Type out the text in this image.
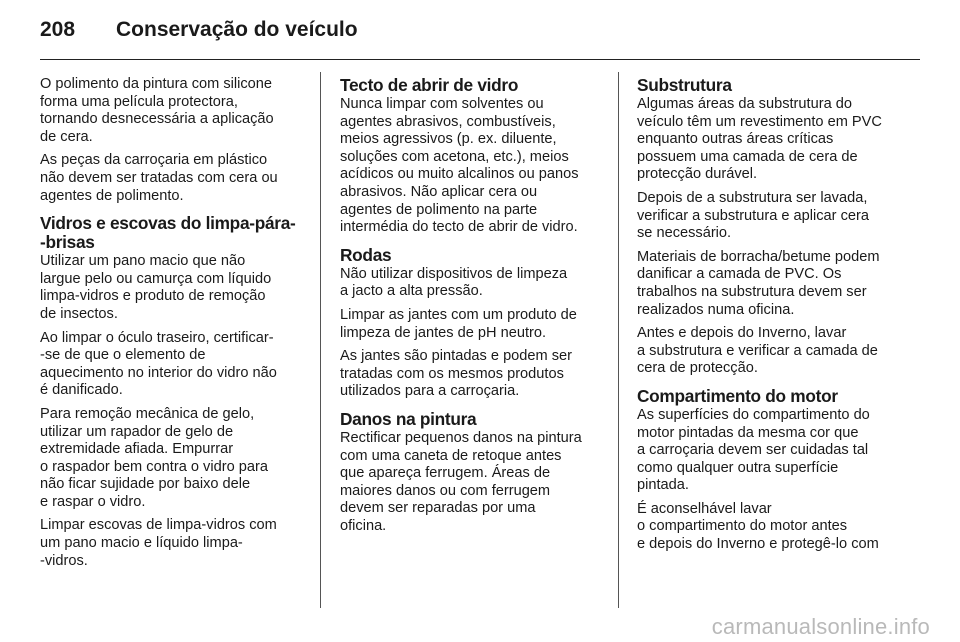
208	Conservação do veículo

O polimento da pintura com silicone
forma uma película protectora,
tornando desnecessária a aplicação
de cera.

As peças da carroçaria em plástico
não devem ser tratadas com cera ou
agentes de polimento.

Vidros e escovas do limpa-pára-
-brisas

Utilizar um pano macio que não
largue pelo ou camurça com líquido
limpa-vidros e produto de remoção
de insectos.

Ao limpar o óculo traseiro, certificar-
-se de que o elemento de
aquecimento no interior do vidro não
é danificado.

Para remoção mecânica de gelo,
utilizar um rapador de gelo de
extremidade afiada. Empurrar
o raspador bem contra o vidro para
não ficar sujidade por baixo dele
e raspar o vidro.

Limpar escovas de limpa-vidros com
um pano macio e líquido limpa-
-vidros.

Tecto de abrir de vidro

Nunca limpar com solventes ou
agentes abrasivos, combustíveis,
meios agressivos (p. ex. diluente,
soluções com acetona, etc.), meios
acídicos ou muito alcalinos ou panos
abrasivos. Não aplicar cera ou
agentes de polimento na parte
intermédia do tecto de abrir de vidro.

Rodas

Não utilizar dispositivos de limpeza
a jacto a alta pressão.

Limpar as jantes com um produto de
limpeza de jantes de pH neutro.

As jantes são pintadas e podem ser
tratadas com os mesmos produtos
utilizados para a carroçaria.

Danos na pintura

Rectificar pequenos danos na pintura
com uma caneta de retoque antes
que apareça ferrugem. Áreas de
maiores danos ou com ferrugem
devem ser reparadas por uma
oficina.

Substrutura

Algumas áreas da substrutura do
veículo têm um revestimento em PVC
enquanto outras áreas críticas
possuem uma camada de cera de
protecção durável.

Depois de a substrutura ser lavada,
verificar a substrutura e aplicar cera
se necessário.

Materiais de borracha/betume podem
danificar a camada de PVC. Os
trabalhos na substrutura devem ser
realizados numa oficina.

Antes e depois do Inverno, lavar
a substrutura e verificar a camada de
cera de protecção.

Compartimento do motor

As superfícies do compartimento do
motor pintadas da mesma cor que
a carroçaria devem ser cuidadas tal
como qualquer outra superfície
pintada.

É aconselhável lavar
o compartimento do motor antes
e depois do Inverno e protegê-lo com

carmanualsonline.info
